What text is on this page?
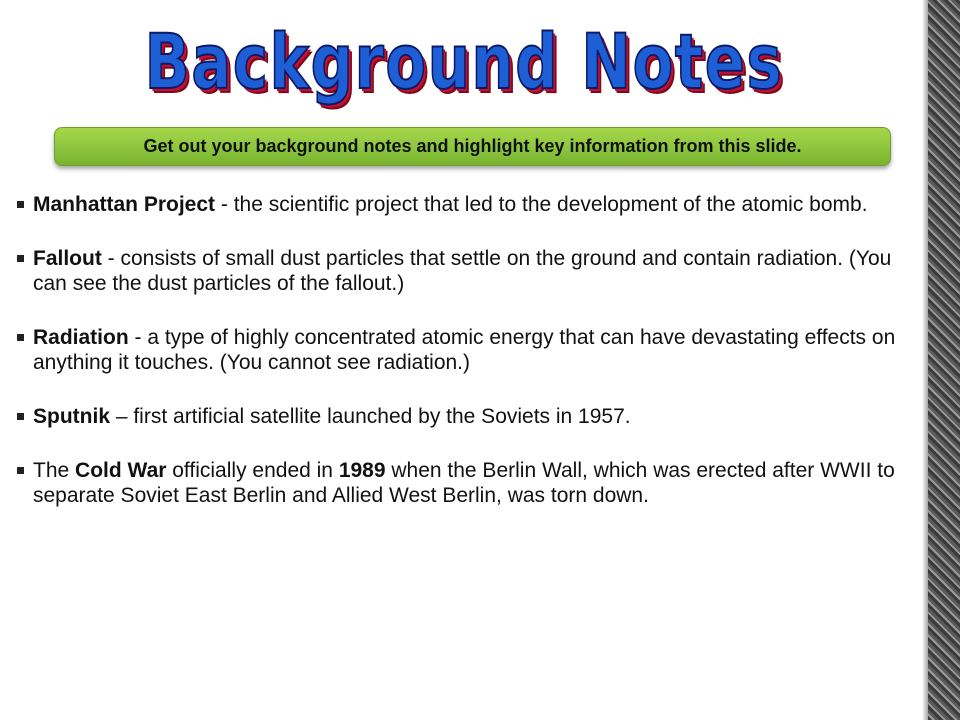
Background Notes
Get out your background notes and highlight key information from this slide.
Manhattan Project - the scientific project that led to the development of the atomic bomb.
Fallout - consists of small dust particles that settle on the ground and contain radiation. (You can see the dust particles of the fallout.)
Radiation - a type of highly concentrated atomic energy that can have devastating effects on anything it touches. (You cannot see radiation.)
Sputnik – first artificial satellite launched by the Soviets in 1957.
The Cold War officially ended in 1989 when the Berlin Wall, which was erected after WWII to separate Soviet East Berlin and Allied West Berlin, was torn down.
